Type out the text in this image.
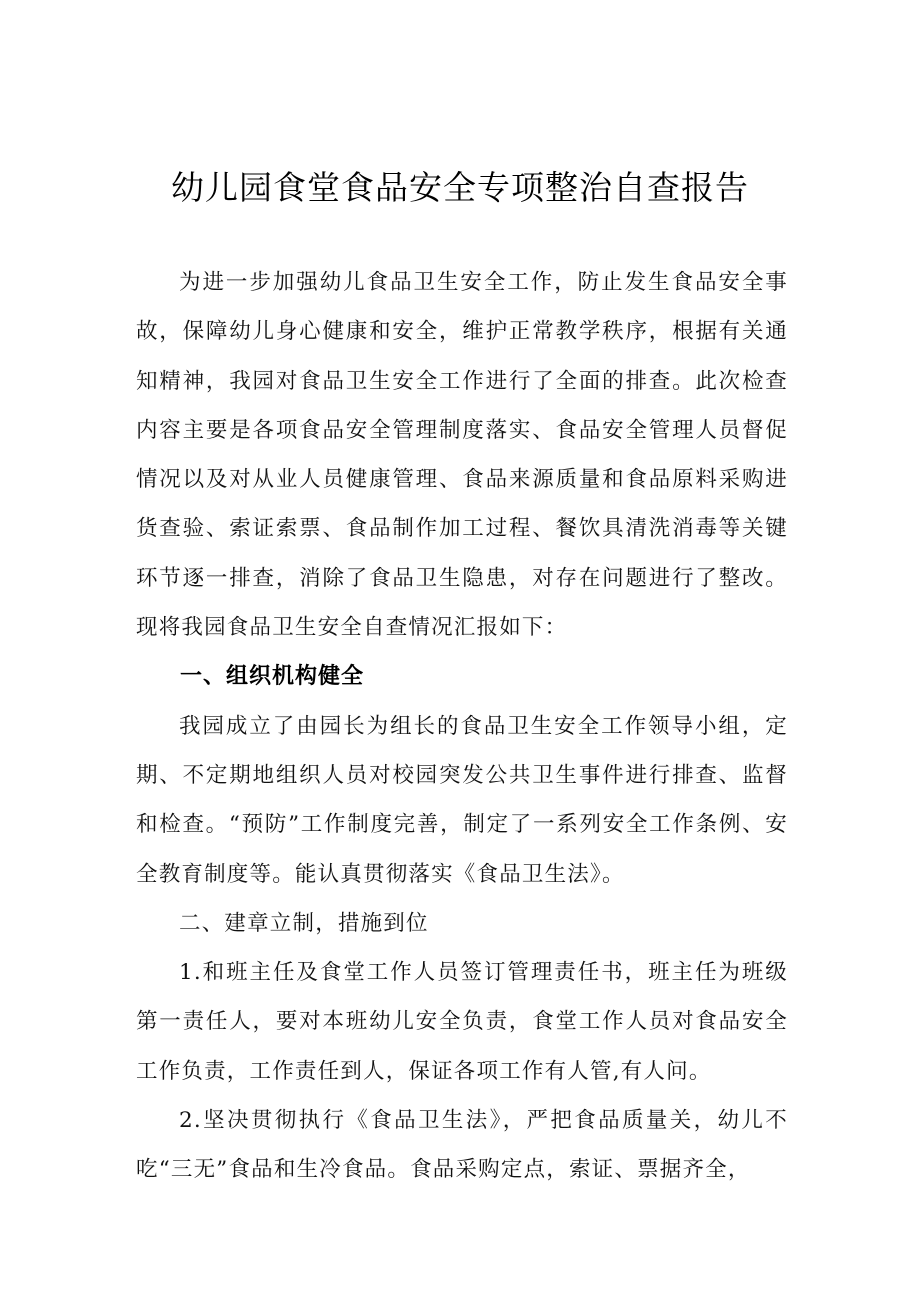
幼儿园食堂食品安全专项整治自查报告

为进一步加强幼儿食品卫生安全工作，防止发生食品安全事故，保障幼儿身心健康和安全，维护正常教学秩序，根据有关通知精神，我园对食品卫生安全工作进行了全面的排查。此次检查内容主要是各项食品安全管理制度落实、食品安全管理人员督促情况以及对从业人员健康管理、食品来源质量和食品原料采购进货查验、索证索票、食品制作加工过程、餐饮具清洗消毒等关键环节逐一排查，消除了食品卫生隐患，对存在问题进行了整改。现将我园食品卫生安全自查情况汇报如下：

一、组织机构健全

我园成立了由园长为组长的食品卫生安全工作领导小组，定期、不定期地组织人员对校园突发公共卫生事件进行排查、监督和检查。“预防”工作制度完善，制定了一系列安全工作条例、安全教育制度等。能认真贯彻落实《食品卫生法》。

二、建章立制，措施到位

1.和班主任及食堂工作人员签订管理责任书，班主任为班级第一责任人，要对本班幼儿安全负责，食堂工作人员对食品安全工作负责，工作责任到人，保证各项工作有人管,有人问。

2.坚决贯彻执行《食品卫生法》，严把食品质量关，幼儿不吃“三无”食品和生冷食品。食品采购定点，索证、票据齐全，
